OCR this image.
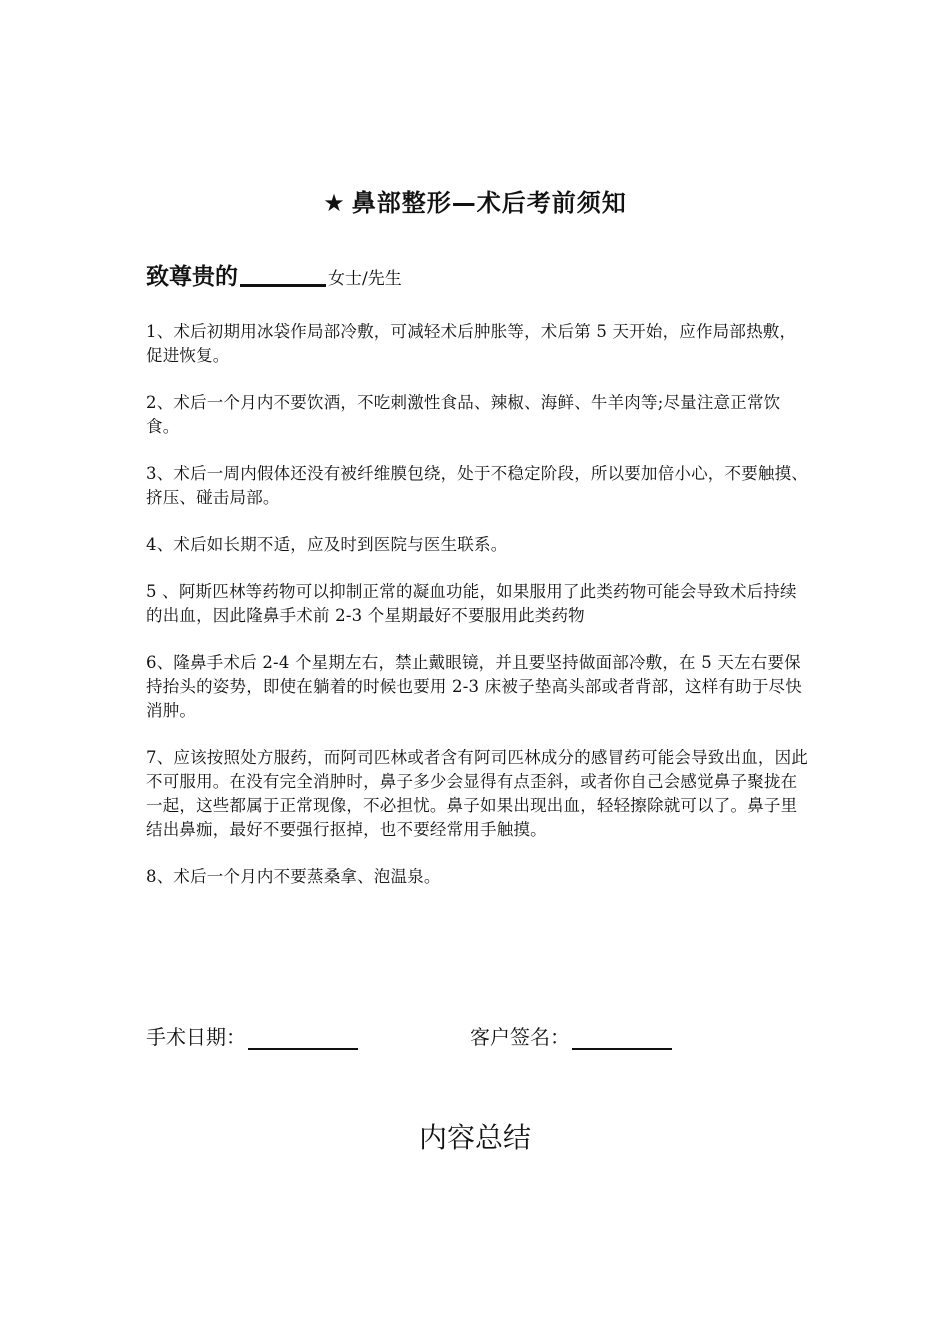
★ 鼻部整形—术后考前须知
致尊贵的	女士/先生

1、术后初期用冰袋作局部冷敷，可减轻术后肿胀等，术后第 5 天开始，应作局部热敷，促进恢复。

2、术后一个月内不要饮酒，不吃刺激性食品、辣椒、海鲜、牛羊肉等;尽量注意正常饮食。

3、术后一周内假体还没有被纤维膜包绕，处于不稳定阶段，所以要加倍小心，不要触摸、挤压、碰击局部。

4、术后如长期不适，应及时到医院与医生联系。

5 、阿斯匹林等药物可以抑制正常的凝血功能，如果服用了此类药物可能会导致术后持续的出血，因此隆鼻手术前 2-3 个星期最好不要服用此类药物

6、隆鼻手术后 2-4 个星期左右，禁止戴眼镜，并且要坚持做面部冷敷，在 5 天左右要保持抬头的姿势，即使在躺着的时候也要用 2-3 床被子垫高头部或者背部，这样有助于尽快消肿。

7、应该按照处方服药，而阿司匹林或者含有阿司匹林成分的感冒药可能会导致出血，因此不可服用。在没有完全消肿时，鼻子多少会显得有点歪斜，或者你自己会感觉鼻子聚拢在一起，这些都属于正常现像，不必担忧。鼻子如果出现出血，轻轻擦除就可以了。鼻子里结出鼻痂，最好不要强行抠掉，也不要经常用手触摸。

8、术后一个月内不要蒸桑拿、泡温泉。

手术日期：	客户签名：
内容总结
